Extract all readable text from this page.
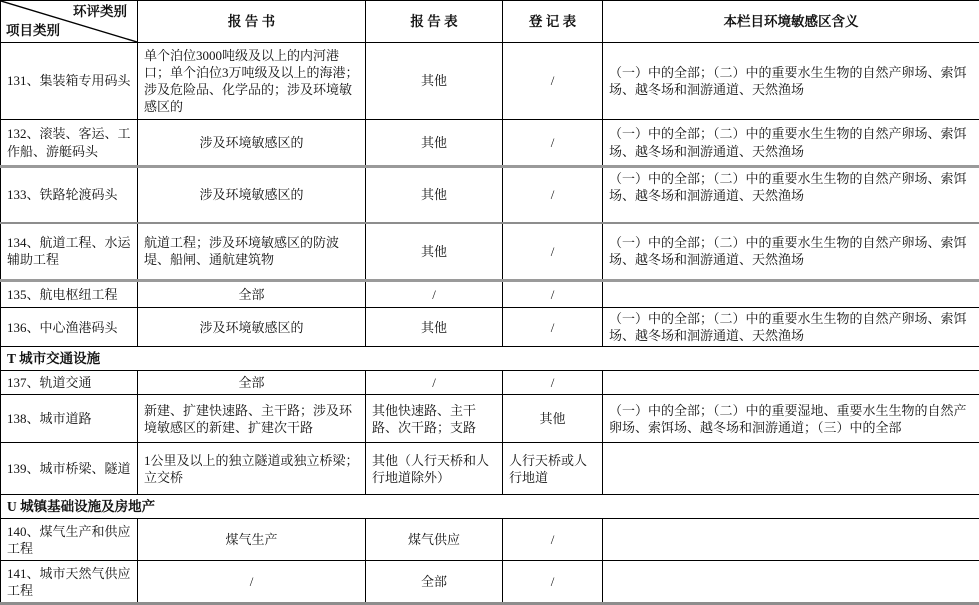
环评类别
项目类别	报 告 书	报 告 表	登 记 表	本栏目环境敏感区含义
131、集装箱专用码头	单个泊位3000吨级及以上的内河港口；单个泊位3万吨级及以上的海港；涉及危险品、化学品的；涉及环境敏感区的	其他	/	（一）中的全部；（二）中的重要水生生物的自然产卵场、索饵场、越冬场和洄游通道、天然渔场
132、滚装、客运、工作船、游艇码头	涉及环境敏感区的	其他	/	（一）中的全部；（二）中的重要水生生物的自然产卵场、索饵场、越冬场和洄游通道、天然渔场
133、铁路轮渡码头	涉及环境敏感区的	其他	/	（一）中的全部；（二）中的重要水生生物的自然产卵场、索饵场、越冬场和洄游通道、天然渔场
134、航道工程、水运辅助工程	航道工程；涉及环境敏感区的防波堤、船闸、通航建筑物	其他	/	（一）中的全部；（二）中的重要水生生物的自然产卵场、索饵场、越冬场和洄游通道、天然渔场
135、航电枢纽工程	全部	/	/	
136、中心渔港码头	涉及环境敏感区的	其他	/	（一）中的全部；（二）中的重要水生生物的自然产卵场、索饵场、越冬场和洄游通道、天然渔场
T 城市交通设施				
137、轨道交通	全部	/	/	
138、城市道路	新建、扩建快速路、主干路；涉及环境敏感区的新建、扩建次干路	其他快速路、主干路、次干路；支路	其他	（一）中的全部；（二）中的重要湿地、重要水生生物的自然产卵场、索饵场、越冬场和洄游通道；（三）中的全部
139、城市桥梁、隧道	1公里及以上的独立隧道或独立桥梁；立交桥	其他（人行天桥和人行地道除外）	人行天桥或人行地道	
U 城镇基础设施及房地产				
140、煤气生产和供应工程	煤气生产	煤气供应	/	
141、城市天然气供应工程	/	全部	/	
